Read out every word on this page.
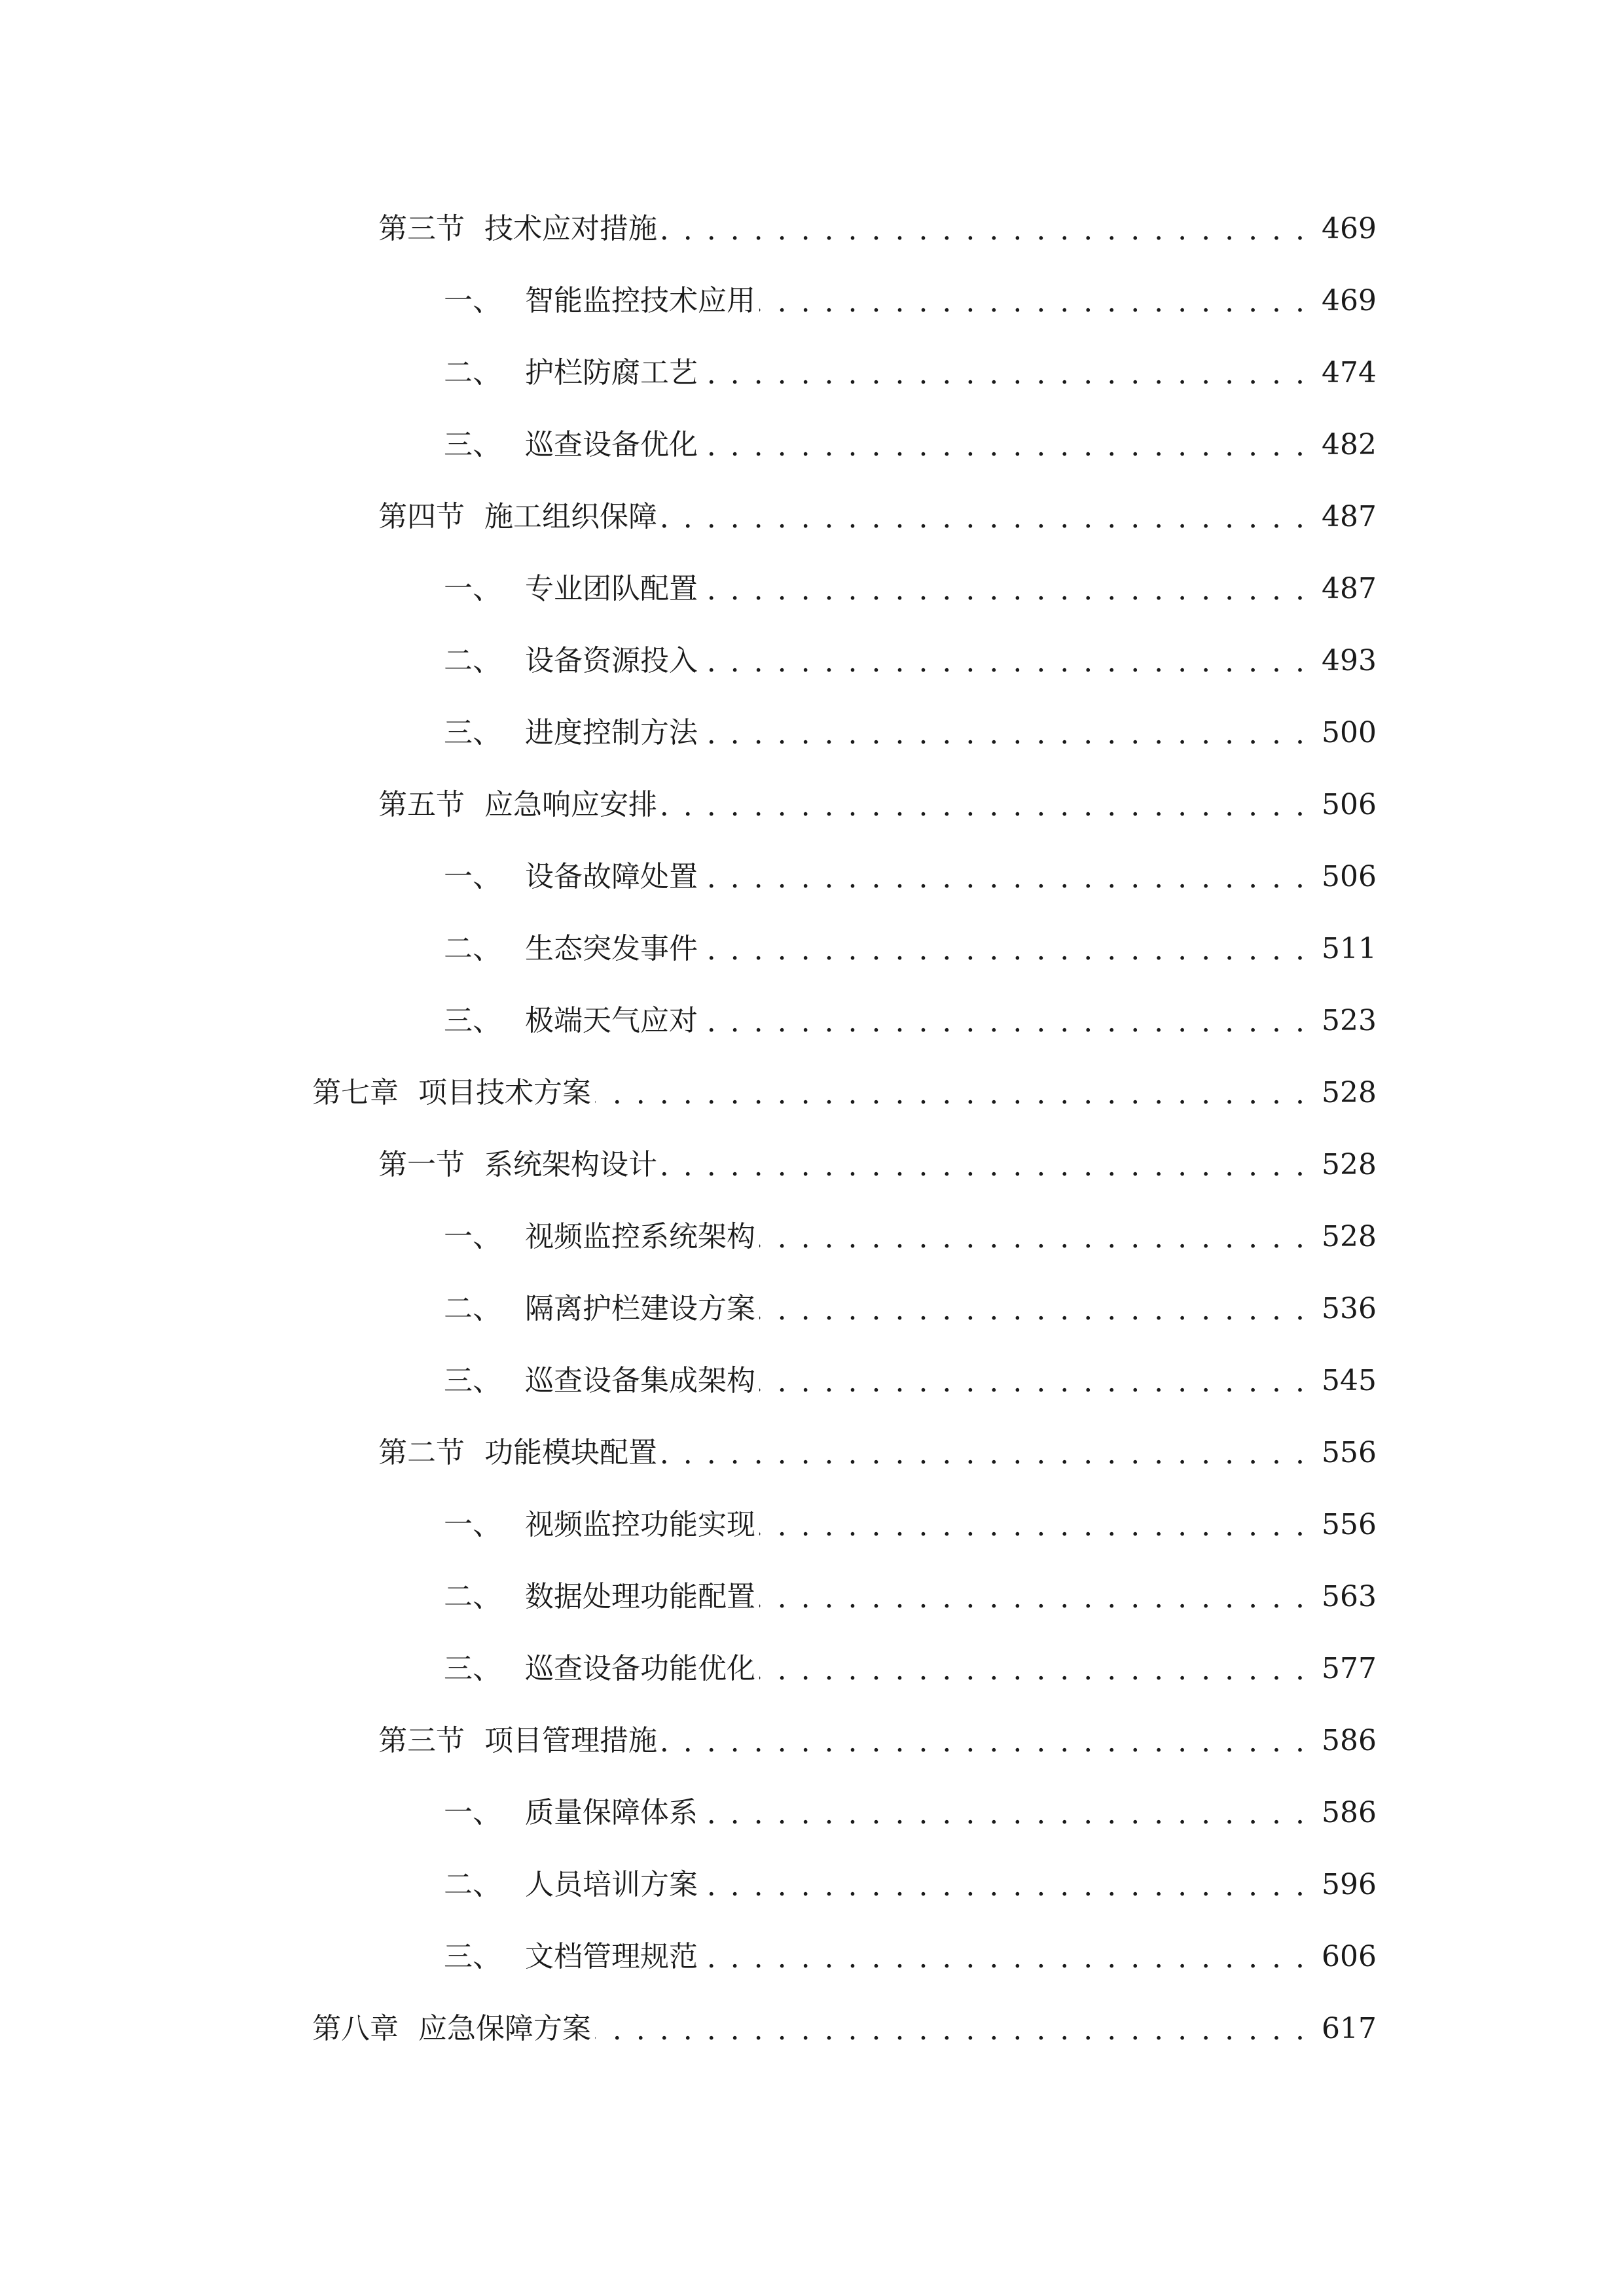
第三节 技术应对措施 . . .	469
一、 智能监控技术应用 . . .	469
二、 护栏防腐工艺 . . .	474
三、 巡查设备优化 . . .	482
第四节 施工组织保障 . . .	487
一、 专业团队配置 . . .	487
二、 设备资源投入 . . .	493
三、 进度控制方法 . . .	500
第五节 应急响应安排 . . .	506
一、 设备故障处置 . . .	506
二、 生态突发事件 . . .	511
三、 极端天气应对 . . .	523
第七章 项目技术方案 . . .	528
第一节 系统架构设计 . . .	528
一、 视频监控系统架构 . . .	528
二、 隔离护栏建设方案 . . .	536
三、 巡查设备集成架构 . . .	545
第二节 功能模块配置 . . .	556
一、 视频监控功能实现 . . .	556
二、 数据处理功能配置 . . .	563
三、 巡查设备功能优化 . . .	577
第三节 项目管理措施 . . .	586
一、 质量保障体系 . . .	586
二、 人员培训方案 . . .	596
三、 文档管理规范 . . .	606
第八章 应急保障方案 . . .	617
